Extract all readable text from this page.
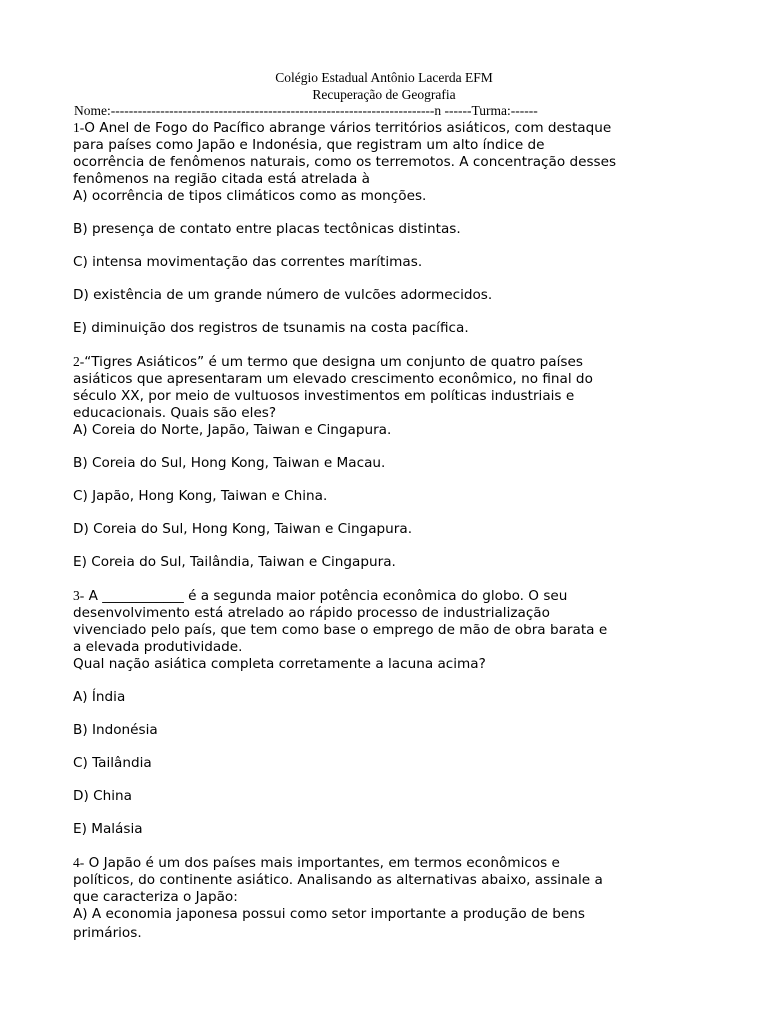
Colégio Estadual Antônio Lacerda EFM
Recuperação de Geografia
Nome:------------------------------------------------------------------------n ------Turma:------
1-O Anel de Fogo do Pacífico abrange vários territórios asiáticos, com destaque
para países como Japão e Indonésia, que registram um alto índice de
ocorrência de fenômenos naturais, como os terremotos. A concentração desses
fenômenos na região citada está atrelada à
A) ocorrência de tipos climáticos como as monções.
B) presença de contato entre placas tectônicas distintas.
C) intensa movimentação das correntes marítimas.
D) existência de um grande número de vulcões adormecidos.
E) diminuição dos registros de tsunamis na costa pacífica.
2-“Tigres Asiáticos” é um termo que designa um conjunto de quatro países
asiáticos que apresentaram um elevado crescimento econômico, no final do
século XX, por meio de vultuosos investimentos em políticas industriais e
educacionais. Quais são eles?
A) Coreia do Norte, Japão, Taiwan e Cingapura.
B) Coreia do Sul, Hong Kong, Taiwan e Macau.
C) Japão, Hong Kong, Taiwan e China.
D) Coreia do Sul, Hong Kong, Taiwan e Cingapura.
E) Coreia do Sul, Tailândia, Taiwan e Cingapura.
3- A ____________ é a segunda maior potência econômica do globo. O seu
desenvolvimento está atrelado ao rápido processo de industrialização
vivenciado pelo país, que tem como base o emprego de mão de obra barata e
a elevada produtividade.
Qual nação asiática completa corretamente a lacuna acima?
A) Índia
B) Indonésia
C) Tailândia
D) China
E) Malásia
4- O Japão é um dos países mais importantes, em termos econômicos e
políticos, do continente asiático. Analisando as alternativas abaixo, assinale a
que caracteriza o Japão:
A) A economia japonesa possui como setor importante a produção de bens
primários.
